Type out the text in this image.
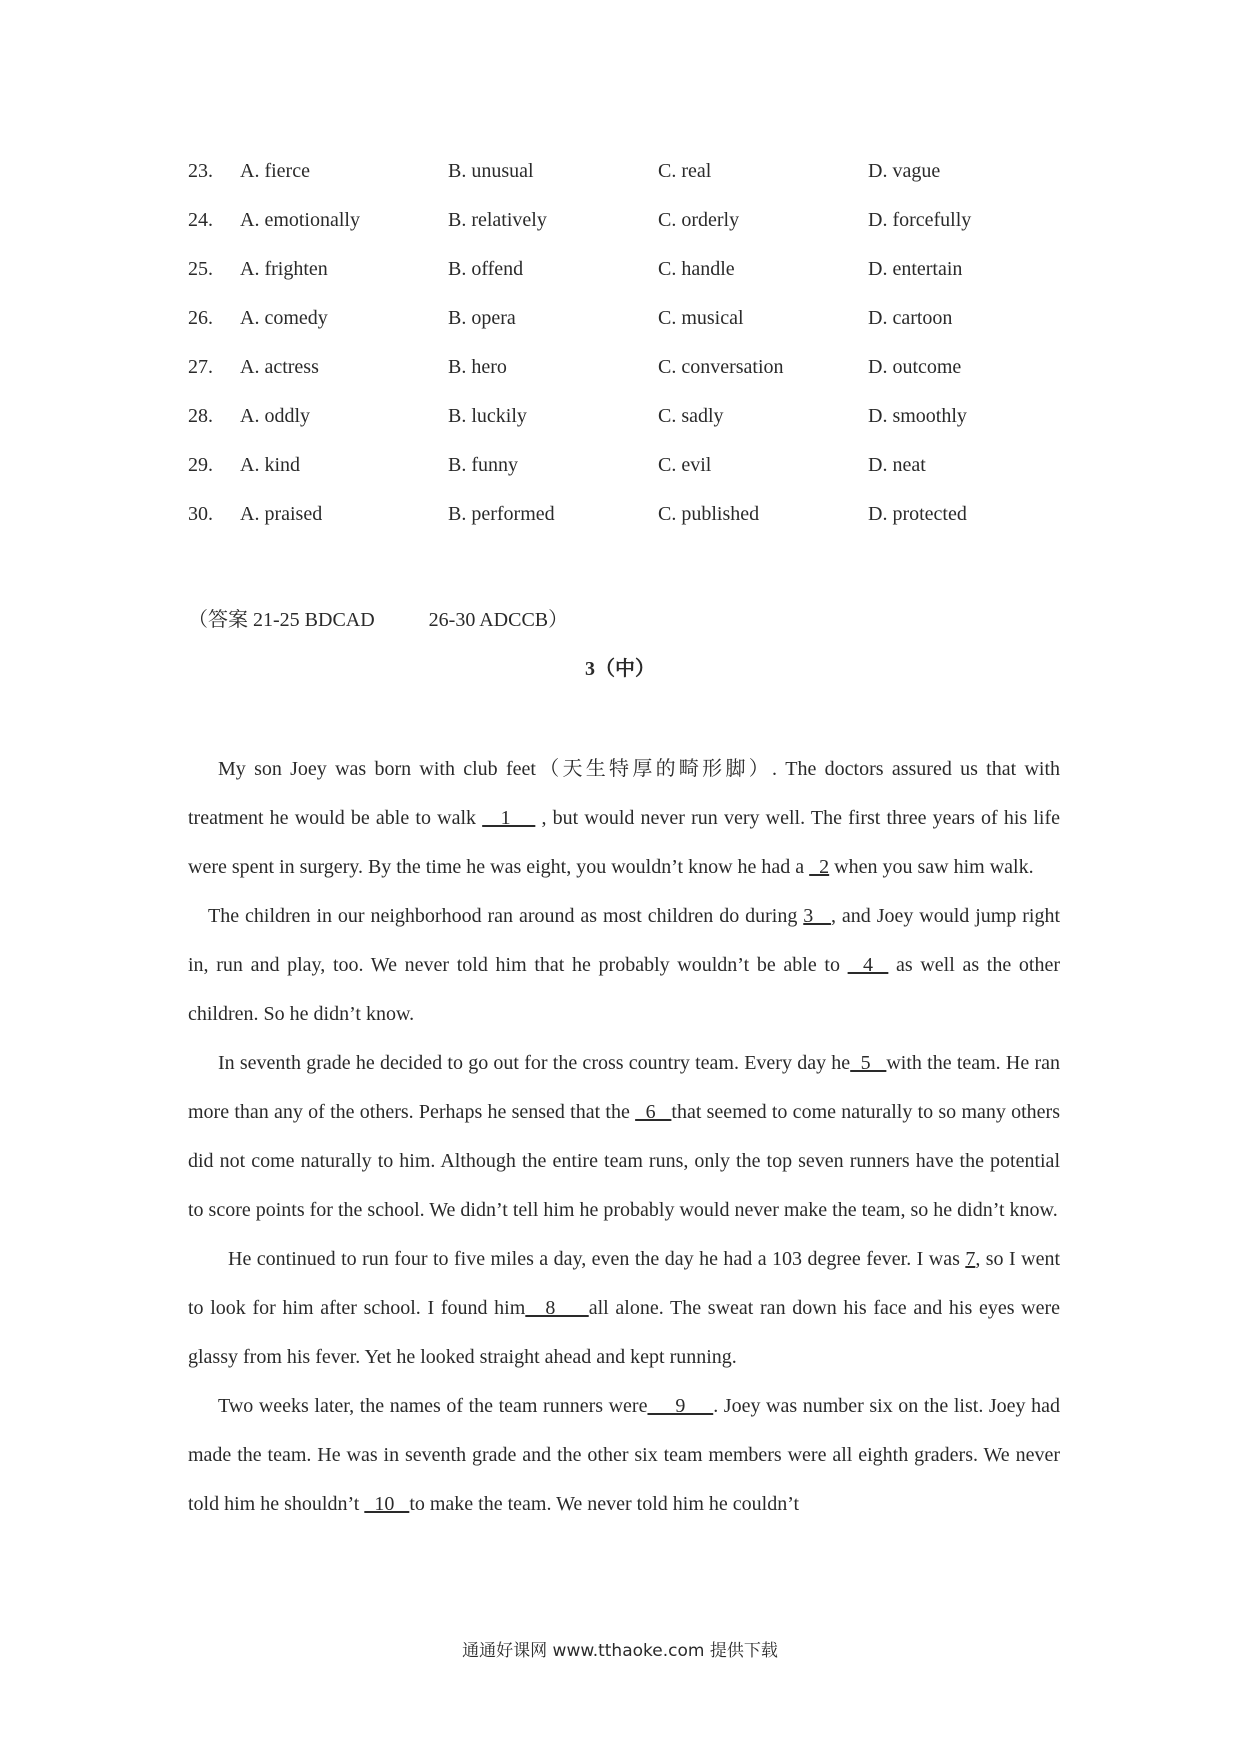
23. A. fierce	B. unusual	C. real	D. vague
24. A. emotionally	B. relatively	C. orderly	D. forcefully
25. A. frighten	B. offend	C. handle	D. entertain
26. A. comedy	B. opera	C. musical	D. cartoon
27. A. actress	B. hero	C. conversation	D. outcome
28. A. oddly	B. luckily	C. sadly	D. smoothly
29. A. kind	B. funny	C. evil	D. neat
30. A. praised	B. performed	C. published	D. protected
（答案 21-25 BDCAD	26-30 ADCCB）
3（中）

My son Joey was born with club feet（天生特厚的畸形脚）. The doctors assured us that with treatment he would be able to walk    1     , but would never run very well. The first three years of his life were spent in surgery. By the time he was eight, you wouldn’t know he had a   2 when you saw him walk.

The children in our neighborhood ran around as most children do during 3   , and Joey would jump right in, run and play, too. We never told him that he probably wouldn’t be able to   4   as well as the other children. So he didn’t know.

In seventh grade he decided to go out for the cross country team. Every day he  5   with the team. He ran more than any of the others. Perhaps he sensed that the   6   that seemed to come naturally to so many others did not come naturally to him. Although the entire team runs, only the top seven runners have the potential to score points for the school. We didn’t tell him he probably would never make the team, so he didn’t know.

He continued to run four to five miles a day, even the day he had a 103 degree fever. I was 7, so I went to look for him after school. I found him   8     all alone. The sweat ran down his face and his eyes were glassy from his fever. Yet he looked straight ahead and kept running.

Two weeks later, the names of the team runners were     9     . Joey was number six on the list. Joey had made the team. He was in seventh grade and the other six team members were all eighth graders. We never told him he shouldn’t   10   to make the team. We never told him he couldn’t

通通好课网 www.tthaoke.com 提供下载
